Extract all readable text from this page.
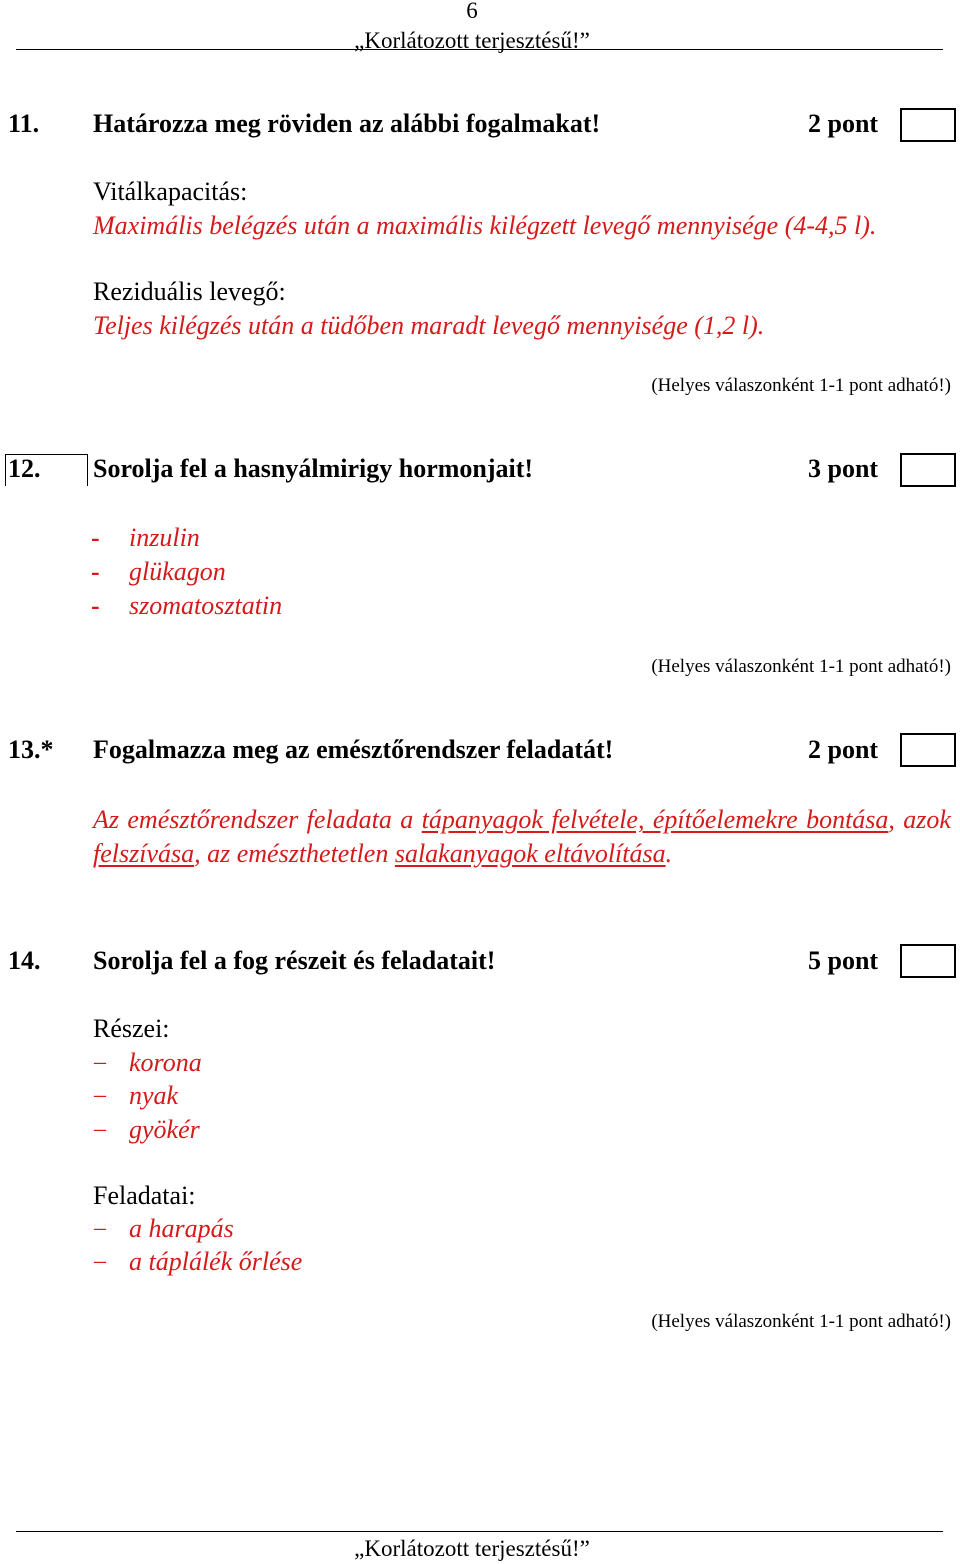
6
„Korlátozott terjesztésű!”
11. Határozza meg röviden az alábbi fogalmakat!	2 pont
Vitálkapacitás:
Maximális belégzés után a maximális kilégzett levegő mennyisége (4-4,5 l).
Reziduális levegő:
Teljes kilégzés után a tüdőben maradt levegő mennyisége (1,2 l).
(Helyes válaszonként 1-1 pont adható!)
12. Sorolja fel a hasnyálmirigy hormonjait!	3 pont
- inzulin
- glükagon
- szomatosztatin
(Helyes válaszonként 1-1 pont adható!)
13.* Fogalmazza meg az emésztőrendszer feladatát!	2 pont
Az emésztőrendszer feladata a tápanyagok felvétele, építőelemekre bontása, azok felszívása, az emészthetetlen salakanyagok eltávolítása.
14. Sorolja fel a fog részeit és feladatait!	5 pont
Részei:
– korona
– nyak
– gyökér
Feladatai:
– a harapás
– a táplálék őrlése
(Helyes válaszonként 1-1 pont adható!)
„Korlátozott terjesztésű!”
